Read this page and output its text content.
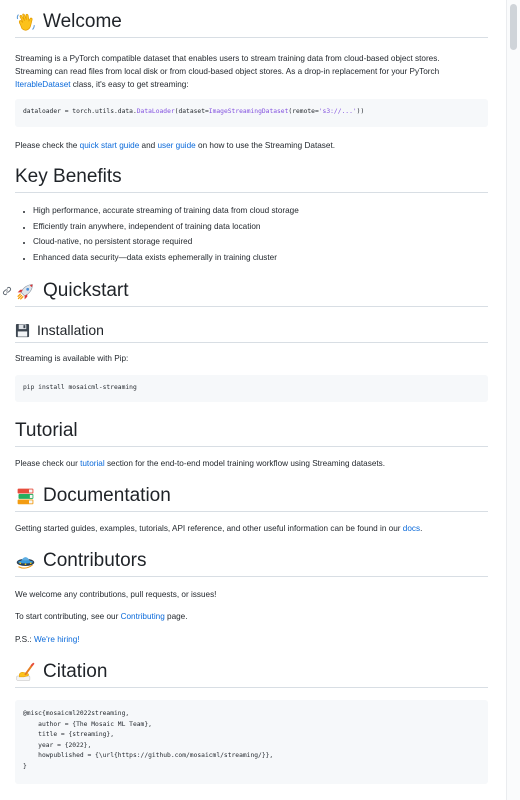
Welcome

Streaming is a PyTorch compatible dataset that enables users to stream training data from cloud-based object stores.
Streaming can read files from local disk or from cloud-based object stores. As a drop-in replacement for your PyTorch IterableDataset class, it's easy to get streaming:

dataloader = torch.utils.data.DataLoader(dataset=ImageStreamingDataset(remote='s3://...'))

Please check the quick start guide and user guide on how to use the Streaming Dataset.

Key Benefits
• High performance, accurate streaming of training data from cloud storage
• Efficiently train anywhere, independent of training data location
• Cloud-native, no persistent storage required
• Enhanced data security—data exists ephemerally in training cluster
Quickstart
Installation

Streaming is available with Pip:

pip install mosaicml-streaming
Tutorial

Please check our tutorial section for the end-to-end model training workflow using Streaming datasets.

Documentation

Getting started guides, examples, tutorials, API reference, and other useful information can be found in our docs.

Contributors

We welcome any contributions, pull requests, or issues!

To start contributing, see our Contributing page.

P.S.: We're hiring!

Citation
@misc{mosaicml2022streaming,
author = {The Mosaic ML Team},
title = {streaming},
year = {2022},
howpublished = {\url{https://github.com/mosaicml/streaming/}},
}
